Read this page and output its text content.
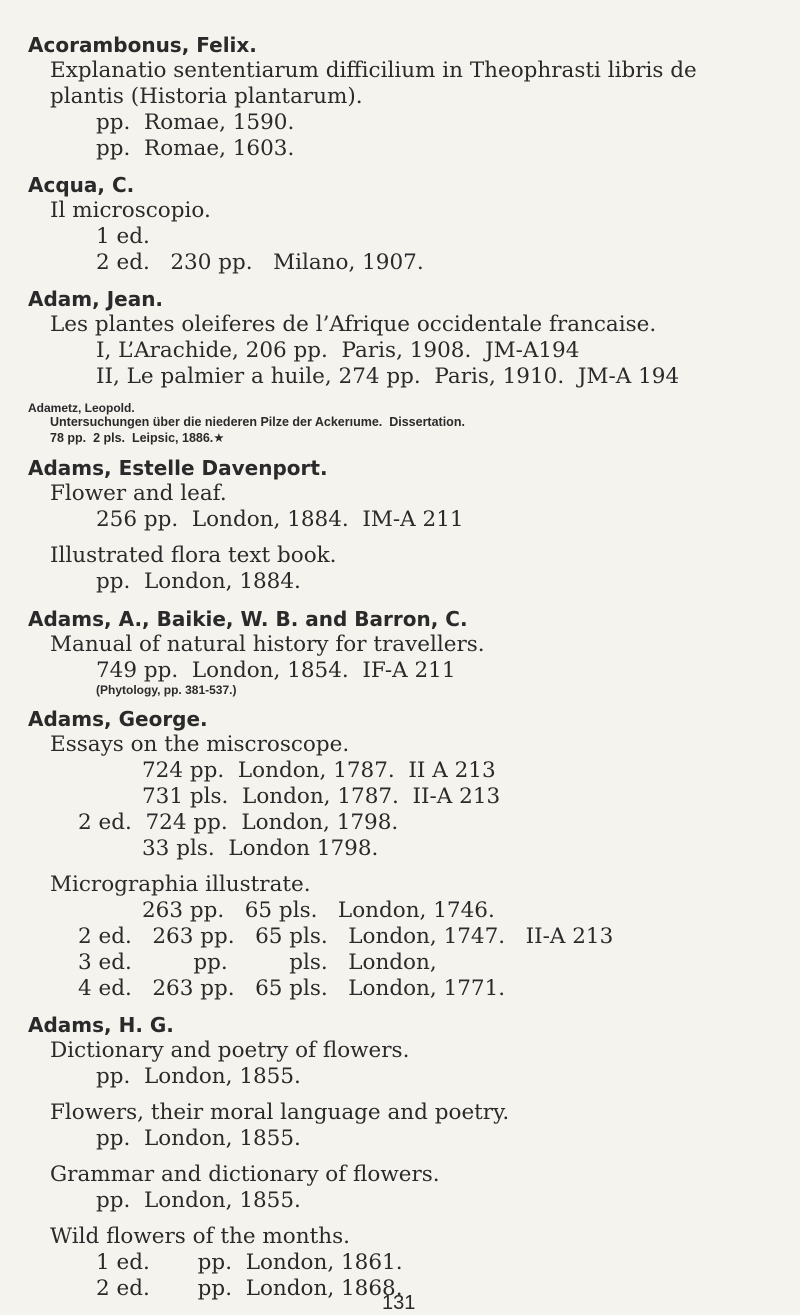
Acorambonus, Felix.
Explanatio sententiarum difficilium in Theophrasti libris de
plantis (Historia plantarum).
pp.  Romae, 1590.
pp.  Romae, 1603.
Acqua, C.
Il microscopio.
1 ed.
2 ed.   230 pp.   Milano, 1907.
Adam, Jean.
Les plantes oleiferes de l’Afrique occidentale francaise.
I, L’Arachide, 206 pp.  Paris, 1908.  JM-A194
II, Le palmier a huile, 274 pp.  Paris, 1910.  JM-A 194
Adametz, Leopold.
Untersuchungen über die niederen Pilze der Ackerıume.  Dissertation.
78 pp.  2 pls.  Leipsic, 1886.★
Adams, Estelle Davenport.
Flower and leaf.
256 pp.  London, 1884.  IM-A 211
Illustrated flora text book.
pp.  London, 1884.
Adams, A., Baikie, W. B. and Barron, C.
Manual of natural history for travellers.
749 pp.  London, 1854.  IF-A 211
(Phytology, pp. 381-537.)
Adams, George.
Essays on the miscroscope.
724 pp.  London, 1787.  II A 213
731 pls.  London, 1787.  II-A 213
2 ed.  724 pp.  London, 1798.
33 pls.  London 1798.
Micrographia illustrate.
263 pp.   65 pls.   London, 1746.
2 ed.   263 pp.   65 pls.   London, 1747.   II-A 213
3 ed.         pp.         pls.   London,
4 ed.   263 pp.   65 pls.   London, 1771.
Adams, H. G.
Dictionary and poetry of flowers.
pp.  London, 1855.
Flowers, their moral language and poetry.
pp.  London, 1855.
Grammar and dictionary of flowers.
pp.  London, 1855.
Wild flowers of the months.
1 ed.       pp.  London, 1861.
2 ed.       pp.  London, 1868.
131
